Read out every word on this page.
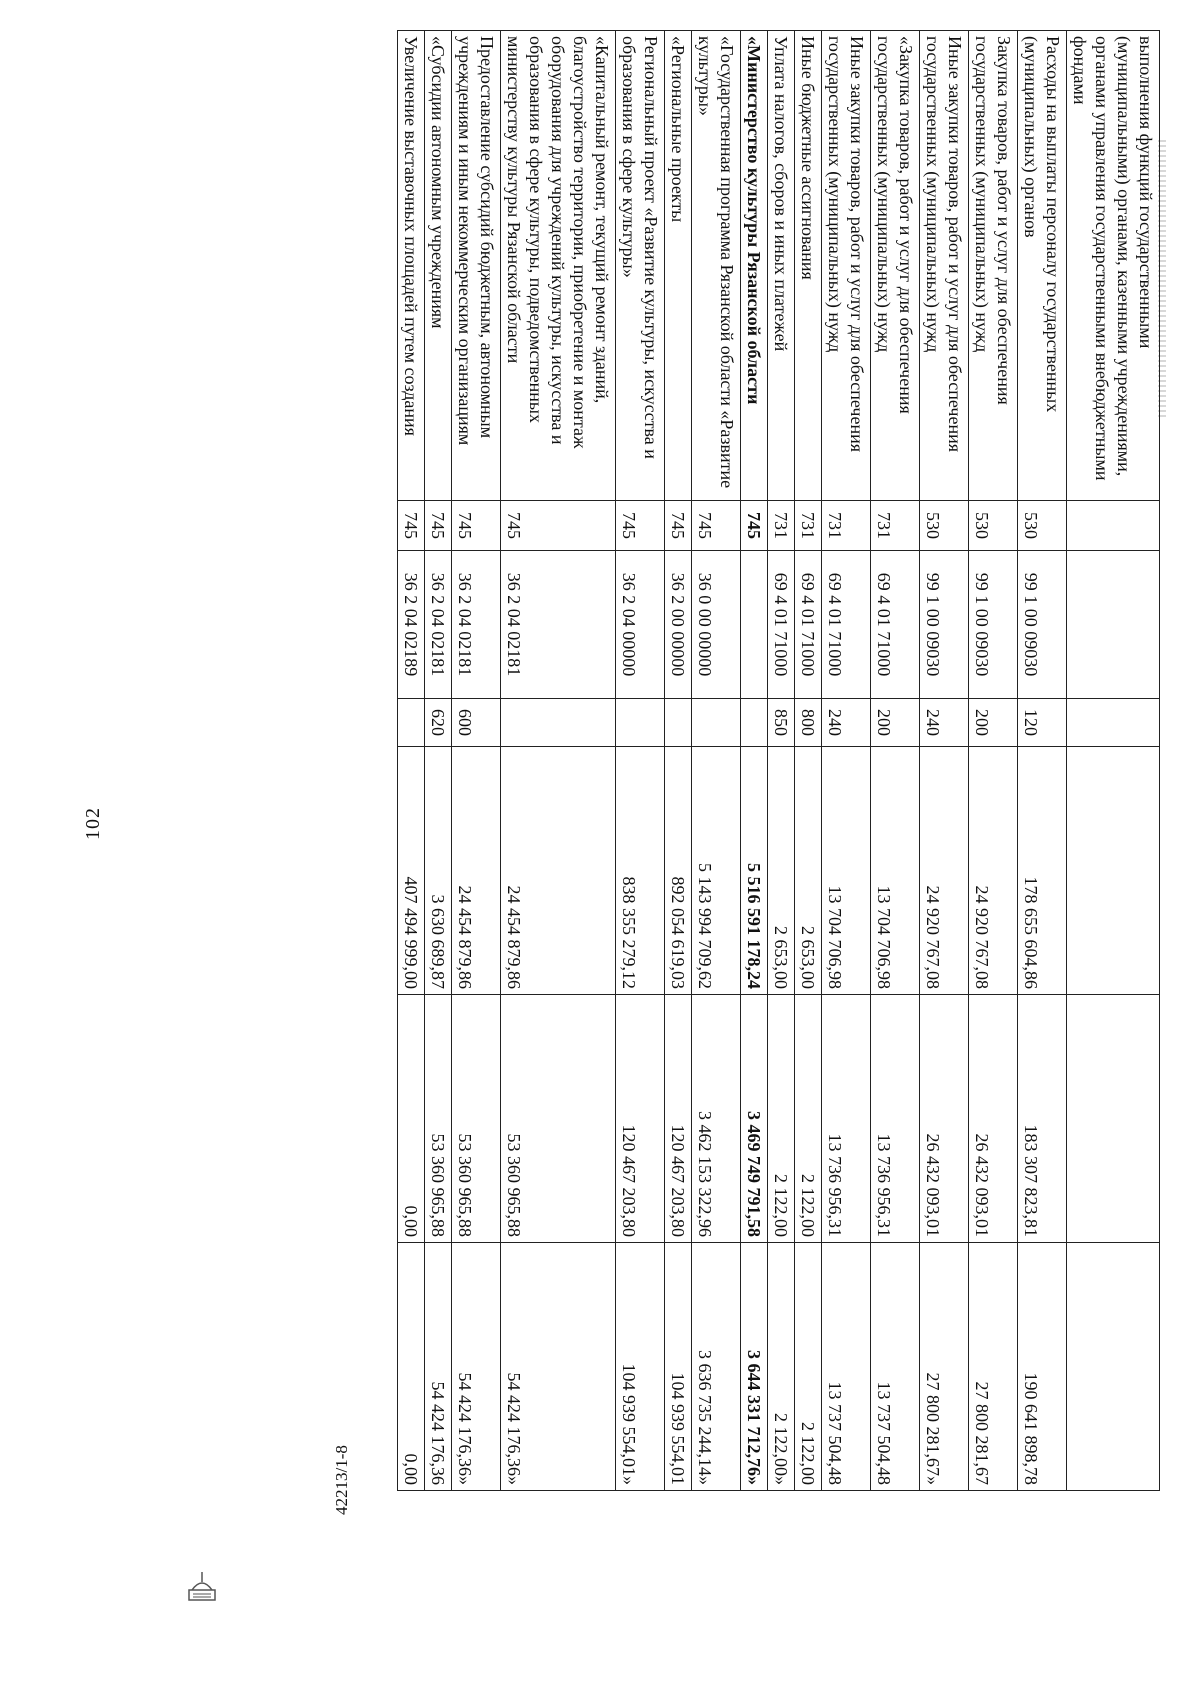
102
42213/1-8
выполнения функций государственными (муниципальными) органами, казенными учреждениями, органами управления государственными внебюджетными фондами						
Расходы на выплаты персоналу государственных (муниципальных) органов	530	99 1 00 09030	120	178 655 604,86	183 307 823,81	190 641 898,78
Закупка товаров, работ и услуг для обеспечения государственных (муниципальных) нужд	530	99 1 00 09030	200	24 920 767,08	26 432 093,01	27 800 281,67
Иные закупки товаров, работ и услуг для обеспечения государственных (муниципальных) нужд	530	99 1 00 09030	240	24 920 767,08	26 432 093,01	27 800 281,67»
«Закупка товаров, работ и услуг для обеспечения государственных (муниципальных) нужд	731	69 4 01 71000	200	13 704 706,98	13 736 956,31	13 737 504,48
Иные закупки товаров, работ и услуг для обеспечения государственных (муниципальных) нужд	731	69 4 01 71000	240	13 704 706,98	13 736 956,31	13 737 504,48
Иные бюджетные ассигнования	731	69 4 01 71000	800	2 653,00	2 122,00	2 122,00
Уплата налогов, сборов и иных платежей	731	69 4 01 71000	850	2 653,00	2 122,00	2 122,00»
«Министерство культуры Рязанской области	745			5 516 591 178,24	3 469 749 791,58	3 644 331 712,76»
«Государственная программа Рязанской области «Развитие культуры»	745	36 0 00 00000		5 143 994 709,62	3 462 153 322,96	3 636 735 244,14»
«Региональные проекты	745	36 2 00 00000		892 054 619,03	120 467 203,80	104 939 554,01
Региональный проект «Развитие культуры, искусства и образования в сфере культуры»	745	36 2 04 00000		838 355 279,12	120 467 203,80	104 939 554,01»
«Капитальный ремонт, текущий ремонт зданий, благоустройство территории, приобретение и монтаж оборудования для учреждений культуры, искусства и образования в сфере культуры, подведомственных министерству культуры Рязанской области	745	36 2 04 02181		24 454 879,86	53 360 965,88	54 424 176,36»
Предоставление субсидий бюджетным, автономным учреждениям и иным некоммерческим организациям	745	36 2 04 02181	600	24 454 879,86	53 360 965,88	54 424 176,36»
«Субсидии автономным учреждениям	745	36 2 04 02181	620	3 630 689,87	53 360 965,88	54 424 176,36
Увеличение выставочных площадей путем создания	745	36 2 04 02189		407 494 999,00	0,00	0,00
